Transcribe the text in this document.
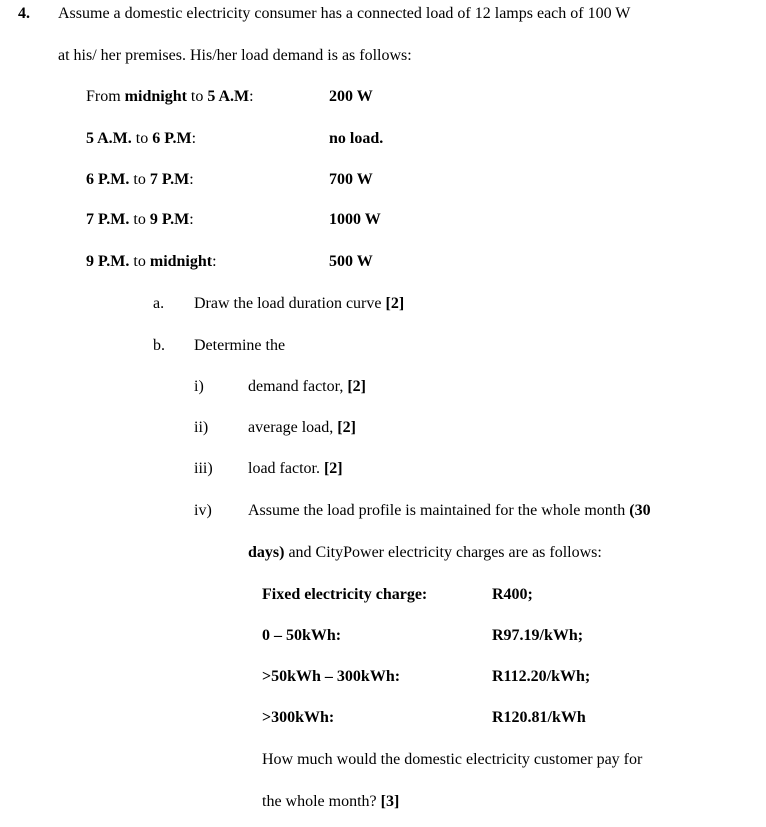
4. Assume a domestic electricity consumer has a connected load of 12 lamps each of 100 W
at his/ her premises. His/her load demand is as follows:
From midnight to 5 A.M:	200 W
5 A.M. to 6 P.M:	no load.
6 P.M. to 7 P.M:	700 W
7 P.M. to 9 P.M:	1000 W
9 P.M. to midnight:	500 W
a. Draw the load duration curve [2]
b. Determine the
i)	demand factor, [2]
ii) average load, [2]
iii) load factor. [2]
iv) Assume the load profile is maintained for the whole month (30
days) and CityPower electricity charges are as follows:
Fixed electricity charge:	R400;
0 – 50kWh:	R97.19/kWh;
>50kWh – 300kWh:	R112.20/kWh;
>300kWh:	R120.81/kWh
How much would the domestic electricity customer pay for
the whole month? [3]
